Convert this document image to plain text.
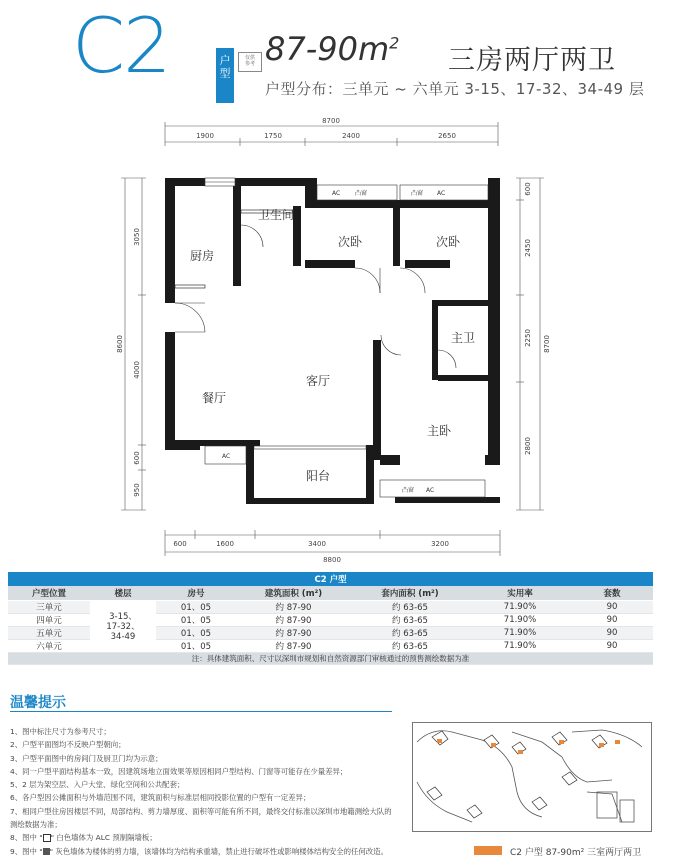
C2	户
型
仅供
参考 $87-90m^2$
三房两厅两卫
户型分布：三单元 ~ 六单元 3-15、17-32、34-49 层
8700
1900	1750	2400	2650
600	1600	3400	3200
8800
8600
3050
4000
600
950
600
2450
2250
2800
8700
AC 凸窗	凸窗 AC
AC
凸窗 AC
厨房
卫生间
次卧	次卧
主卫
餐厅
客厅
主卧
阳台
C2 户型						
户型位置	楼层	房号	建筑面积 (m²)	套内面积 (m²)	实用率	套数
三单元	3-15、
17-32、
34-49	01、05	约 87-90	约 63-65	71.90%	90
四单元		01、05	约 87-90	约 63-65	71.90%	90
五单元		01、05	约 87-90	约 63-65	71.90%	90
六单元		01、05	约 87-90	约 63-65	71.90%	90
注：具体建筑面积、尺寸以深圳市规划和自然资源部门审核通过的预售测绘数据为准						
温馨提示
1、图中标注尺寸为参考尺寸；
2、户型平面图均不反映户型朝向；
3、户型平面图中的房间门及厨卫门均为示意；
4、同一户型平面结构基本一致，因建筑场地立面效果等原因相同户型结构、门窗等可能存在少量差异；
5、2 层为架空层、入户大堂、绿化空间和公共配套；
6、各户型因公摊面积与外墙范围不同，建筑面积与标准层相同投影位置的户型有一定差异；
7、相同户型住房因楼层不同，局部结构、剪力墙厚度、面积等可能有所不同，最终交付标准以深圳市地籍测绘大队的测绘数据为准；
8、图中 " " 白色墙体为 ALC 预制隔墙板；
9、图中 " " 灰色墙体为楼体的剪力墙，该墙体均为结构承重墙，禁止进行破坏性或影响楼体结构安全的任何改造。	C2 户型 87-90m² 三室两厅两卫
